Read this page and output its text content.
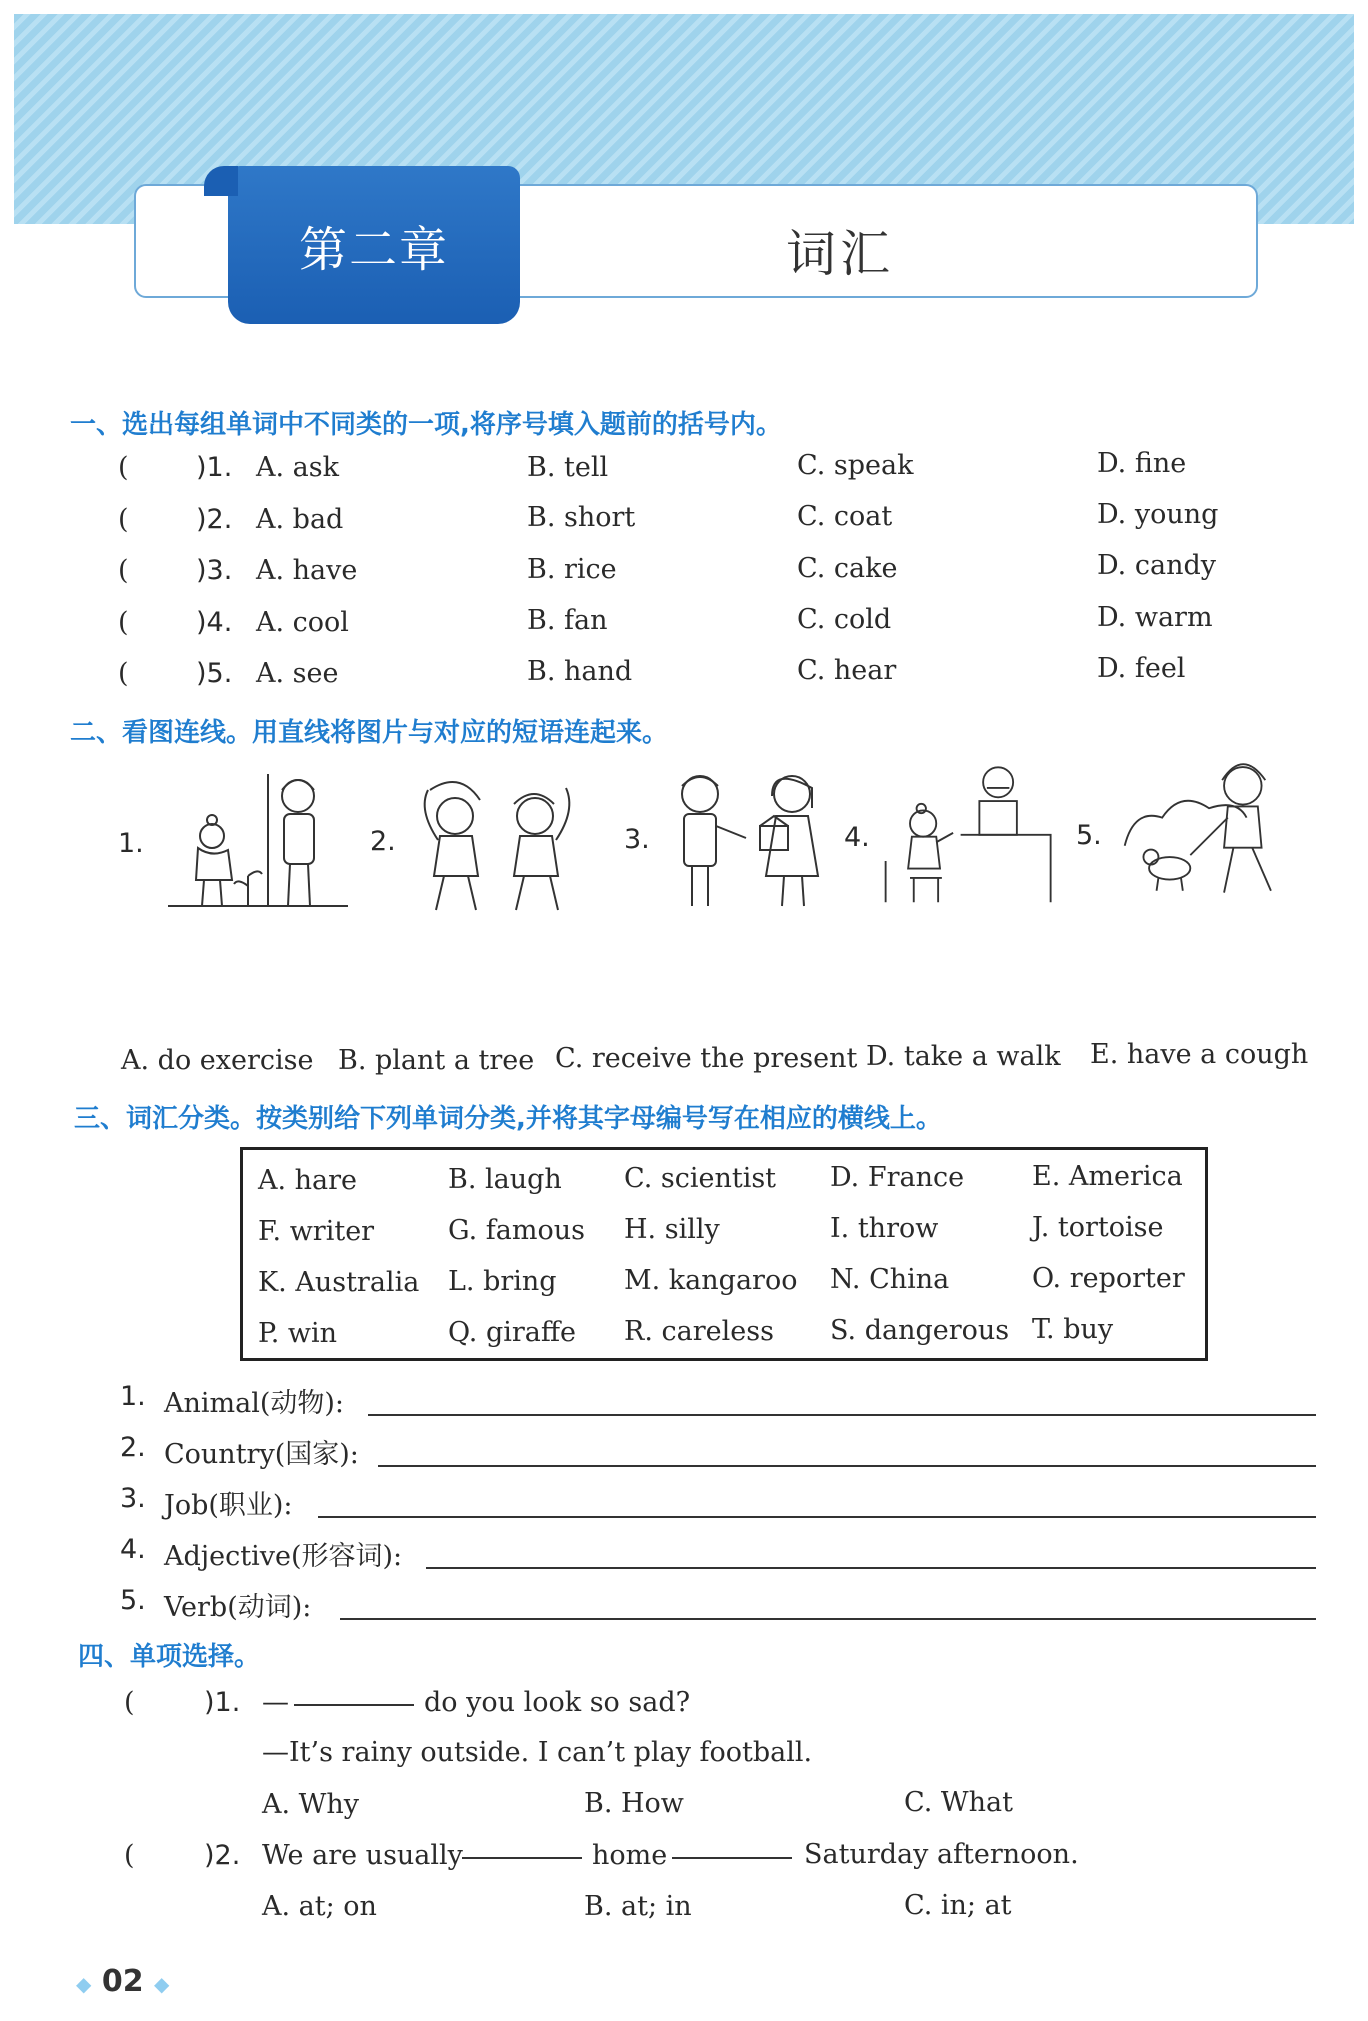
第二章	词汇
一、选出每组单词中不同类的一项,将序号填入题前的括号内。
( )1. A. ask	B. tell	C. speak	D. fine
( )2. A. bad	B. short	C. coat	D. young
( )3. A. have	B. rice	C. cake	D. candy
( )4. A. cool	B. fan	C. cold	D. warm
( )5. A. see	B. hand	C. hear	D. feel
二、看图连线。用直线将图片与对应的短语连起来。
1.	2.	3.	4.	5.
A. do exercise B. plant a tree C. receive the present D. take a walk E. have a cough
三、词汇分类。按类别给下列单词分类,并将其字母编号写在相应的横线上。
A. hare	B. laugh C. scientist D. France	E. America
F. writer	G. famous H. silly	I. throw	J. tortoise
K. Australia L. bring M. kangaroo N. China	O. reporter
P. win	Q. giraffe R. careless S. dangerous T. buy
1. Animal(动物):
2. Country(国家):
3. Job(职业):
4. Adjective(形容词):
5. Verb(动词):
四、单项选择。
(	)1. —	do you look so sad?
—It’s rainy outside. I can’t play football.
A. Why	B. How	C. What
(	)2. We are usually	home	Saturday afternoon.
A. at; on	B. at; in	C. in; at
◆ 02 ◆
